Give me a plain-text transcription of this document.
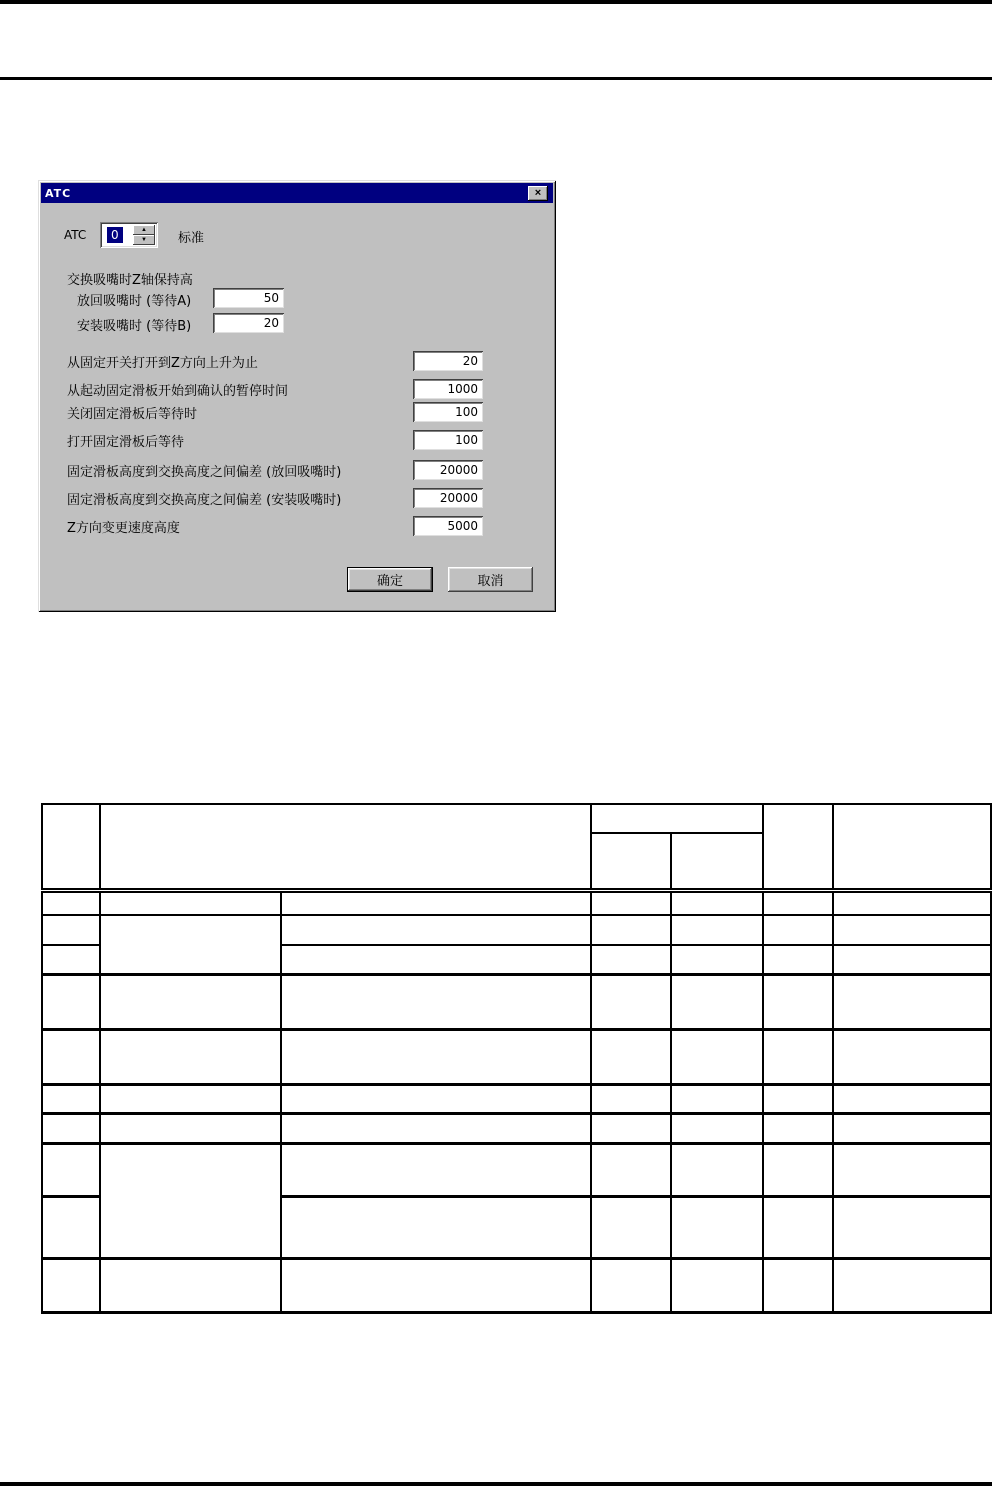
ATC	×
ATC	0	▲
▼	标准
交换吸嘴时Z轴保持高
放回吸嘴时 (等待A)	50
安装吸嘴时 (等待B)	20
从固定开关打开到Z方向上升为止	20
从起动固定滑板开始到确认的暂停时间	1000
关闭固定滑板后等待时	100
打开固定滑板后等待	100
固定滑板高度到交换高度之间偏差 (放回吸嘴时)	20000
固定滑板高度到交换高度之间偏差 (安装吸嘴时)	20000
Z方向变更速度高度	5000
确定	取消
